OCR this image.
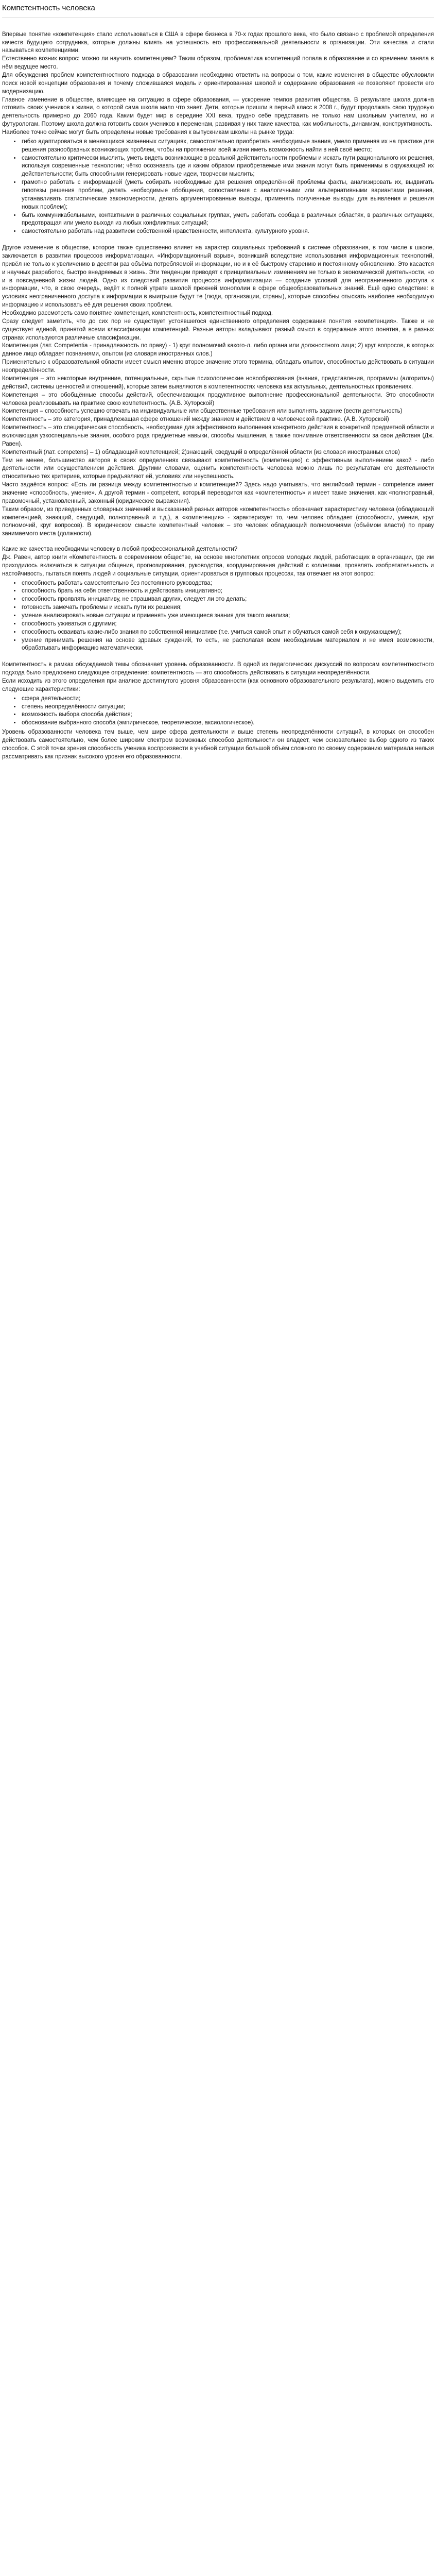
Компетентность человека

Впервые понятие «компетенция» стало использоваться в США в сфере бизнеса в 70-х годах прошлого века, что было связано с проблемой определения качеств будущего сотрудника, которые должны влиять на успешность его профессиональной деятельности в организации. Эти качества и стали называться компетенциями.

Естественно возник вопрос: можно ли научить компетенциям? Таким образом, проблематика компетенций попала в образование и со временем заняла в нём ведущее место.

Для обсуждения проблем компетентностного подхода в образовании необходимо ответить на вопросы о том, какие изменения в обществе обусловили поиск новой концепции образования и почему сложившаяся модель и ориентированная школой и содержание образования не позволяют провести его модернизацию.

Главное изменение в обществе, влияющее на ситуацию в сфере образования, — ускорение темпов развития общества. В результате школа должна готовить своих учеников к жизни, о которой сама школа мало что знает. Дети, которые пришли в первый класс в 2008 г., будут продолжать свою трудовую деятельность примерно до 2060 года. Каким будет мир в середине XXI века, трудно себе представить не только нам школьным учителям, но и футурологам. Поэтому школа должна готовить своих учеников к переменам, развивая у них такие качества, как мобильность, динамизм, конструктивность.

Наиболее точно сейчас могут быть определены новые требования к выпускникам школы на рынке труда:

• гибко адаптироваться в меняющихся жизненных ситуациях, самостоятельно приобретать необходимые знания, умело применяя их на практике для решения разнообразных возникающих проблем, чтобы на протяжении всей жизни иметь возможность найти в ней своё место;
• самостоятельно критически мыслить, уметь видеть возникающие в реальной действительности проблемы и искать пути рационального их решения, используя современные технологии; чётко осознавать где и каким образом приобретаемые ими знания могут быть применимы в окружающей их действительности; быть способными генерировать новые идеи, творчески мыслить;
• грамотно работать с информацией (уметь собирать необходимые для решения определённой проблемы факты, анализировать их, выдвигать гипотезы решения проблем, делать необходимые обобщения, сопоставления с аналогичными или альтернативными вариантами решения, устанавливать статистические закономерности, делать аргументированные выводы, применять полученные выводы для выявления и решения новых проблем);
• быть коммуникабельными, контактными в различных социальных группах, уметь работать сообща в различных областях, в различных ситуациях, предотвращая или умело выходя из любых конфликтных ситуаций;
• самостоятельно работать над развитием собственной нравственности, интеллекта, культурного уровня.

Другое изменение в обществе, которое также существенно влияет на характер социальных требований к системе образования, в том числе к школе, заключается в развитии процессов информатизации. «Информационный взрыв», возникший вследствие использования информационных технологий, привёл не только к увеличению в десятки раз объёма потребляемой информации, но и к её быстрому старению и постоянному обновлению. Это касается и научных разработок, быстро внедряемых в жизнь. Эти тенденции приводят к принципиальным изменениям не только в экономической деятельности, но и в повседневной жизни людей. Одно из следствий развития процессов информатизации — создание условий для неограниченного доступа к информации, что, в свою очередь, ведёт к полной утрате школой прежней монополии в сфере общеобразовательных знаний. Ещё одно следствие: в условиях неограниченного доступа к информации в выигрыше будут те (люди, организации, страны), которые способны отыскать наиболее необходимую информацию и использовать её для решения своих проблем.

Необходимо рассмотреть само понятие компетенция, компетентность, компетентностный подход.

Сразу следует заметить, что до сих пор не существует устоявшегося единственного определения содержания понятия «компетенция». Также и не существует единой, принятой всеми классификации компетенций. Разные авторы вкладывают разный смысл в содержание этого понятия, а в разных странах используются различные классификации.

Компетенция (лат. Competentia - принадлежность по праву) - 1) круг полномочий какого-л. либо органа или должностного лица; 2) круг вопросов, в которых данное лицо обладает познаниями, опытом (из словаря иностранных слов.)

Применительно к образовательной области имеет смысл именно второе значение этого термина, обладать опытом, способностью действовать в ситуации неопределённости.

Компетенция – это некоторые внутренние, потенциальные, скрытые психологические новообразования (знания, представления, программы (алгоритмы) действий, системы ценностей и отношений), которые затем выявляются в компетентностях человека как актуальных, деятельностных проявлениях.

Компетенция – это обобщённые способы действий, обеспечивающих продуктивное выполнение профессиональной деятельности. Это способности человека реализовывать на практике свою компетентность. (А.В. Хуторской)

Компетенция – способность успешно отвечать на индивидуальные или общественные требования или выполнять задание (вести деятельность)

Компетентность – это категория, принадлежащая сфере отношений между знанием и действием в человеческой практике. (А.В. Хуторской)

Компетентность – это специфическая способность, необходимая для эффективного выполнения конкретного действия в конкретной предметной области и включающая узкоспециальные знания, особого рода предметные навыки, способы мышления, а также понимание ответственности за свои действия (Дж. Равен).

Компетентный (лат. competens) – 1) обладающий компетенцией; 2)знающий, сведущий в определённой области (из словаря иностранных слов)

Тем не менее, большинство авторов в своих определениях связывают компетентность (компетенцию) с эффективным выполнением какой - либо деятельности или осуществлением действия. Другими словами, оценить компетентность человека можно лишь по результатам его деятельности относительно тех критериев, которые предъявляют ей, условиях или неуспешность.

Часто задаётся вопрос: «Есть ли разница между компетентностью и компетенцией? Здесь надо учитывать, что английский термин - competence имеет значение «способность, умение». А другой термин - competent, который переводится как «компетентность» и имеет такие значения, как «полноправный, правомочный, установленный, законный (юридические выражения).

Таким образом, из приведенных словарных значений и высказанной разных авторов «компетентность» обозначает характеристику человека (обладающий компетенцией, знающий, сведущий, полноправный и т.д.), а «компетенция» - характеризует то, чем человек обладает (способности, умения, круг полномочий, круг вопросов). В юридическом смысле компетентный человек – это человек обладающий полномочиями (объёмом власти) по праву занимаемого места (должности).

Какие же качества необходимы человеку в любой профессиональной деятельности?

Дж. Равен, автор книги «Компетентность в современном обществе, на основе многолетних опросов молодых людей, работающих в организации, где им приходилось включаться в ситуации общения, прогнозирования, руководства, координирования действий с коллегами, проявлять изобретательность и настойчивость, пытаться понять людей и социальные ситуации, ориентироваться в групповых процессах, так отвечает на этот вопрос:

• способность работать самостоятельно без постоянного руководства;
• способность брать на себя ответственность и действовать инициативно;
• способность проявлять инициативу, не спрашивая других, следует ли это делать;
• готовность замечать проблемы и искать пути их решения;
• умение анализировать новые ситуации и применять уже имеющиеся знания для такого анализа;
• способность уживаться с другими;
• способность осваивать какие-либо знания по собственной инициативе (т.е. учиться самой опыт и обучаться самой себя к окружающему);
• умение принимать решения на основе здравых суждений, то есть, не располагая всем необходимым материалом и не имея возможности, обрабатывать информацию математически.

Компетентность в рамках обсуждаемой темы обозначает уровень образованности. В одной из педагогических дискуссий по вопросам компетентностного подхода было предложено следующее определение: компетентность — это способность действовать в ситуации неопределённости.

Если исходить из этого определения при анализе достигнутого уровня образованности (как основного образовательного результата), можно выделить его следующие характеристики:

• сфера деятельности;
• степень неопределённости ситуации;
• возможность выбора способа действия;
• обоснование выбранного способа (эмпирическое, теоретическое, аксиологическое).

Уровень образованности человека тем выше, чем шире сфера деятельности и выше степень неопределённости ситуаций, в которых он способен действовать самостоятельно, чем более широким спектром возможных способов деятельности он владеет, чем основательнее выбор одного из таких способов. С этой точки зрения способность ученика воспроизвести в учебной ситуации большой объём сложного по своему содержанию материала нельзя рассматривать как признак высокого уровня его образованности.
